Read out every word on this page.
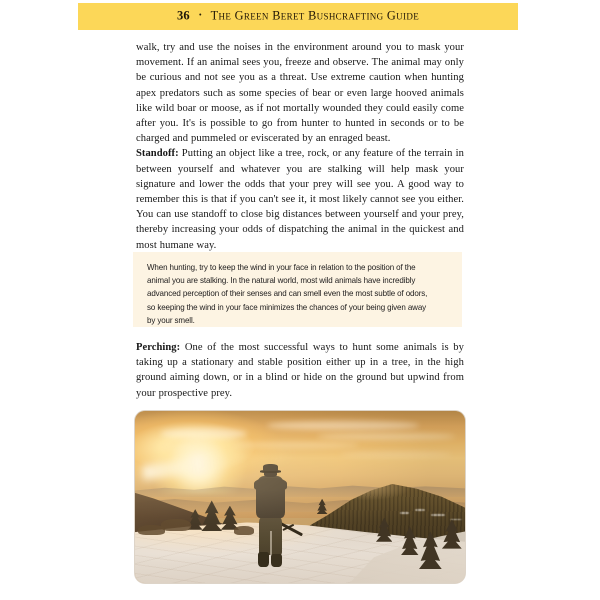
36 • The Green Beret Bushcrafting Guide

walk, try and use the noises in the environment around you to mask your movement. If an animal sees you, freeze and observe. The animal may only be curious and not see you as a threat. Use extreme caution when hunting apex predators such as some species of bear or even large hooved animals like wild boar or moose, as if not mortally wounded they could easily come after you. It's is possible to go from hunter to hunted in seconds or to be charged and pummeled or eviscerated by an enraged beast.

Standoff: Putting an object like a tree, rock, or any feature of the terrain in between yourself and whatever you are stalking will help mask your signature and lower the odds that your prey will see you. A good way to remember this is that if you can't see it, it most likely cannot see you either. You can use standoff to close big distances between yourself and your prey, thereby increasing your odds of dispatching the animal in the quickest and most humane way.

When hunting, try to keep the wind in your face in relation to the position of the animal you are stalking. In the natural world, most wild animals have incredibly advanced perception of their senses and can smell even the most subtle of odors, so keeping the wind in your face minimizes the chances of your being given away by your smell.

Perching: One of the most successful ways to hunt some animals is by taking up a stationary and stable position either up in a tree, in the high ground aiming down, or in a blind or hide on the ground but upwind from your prospective prey.
